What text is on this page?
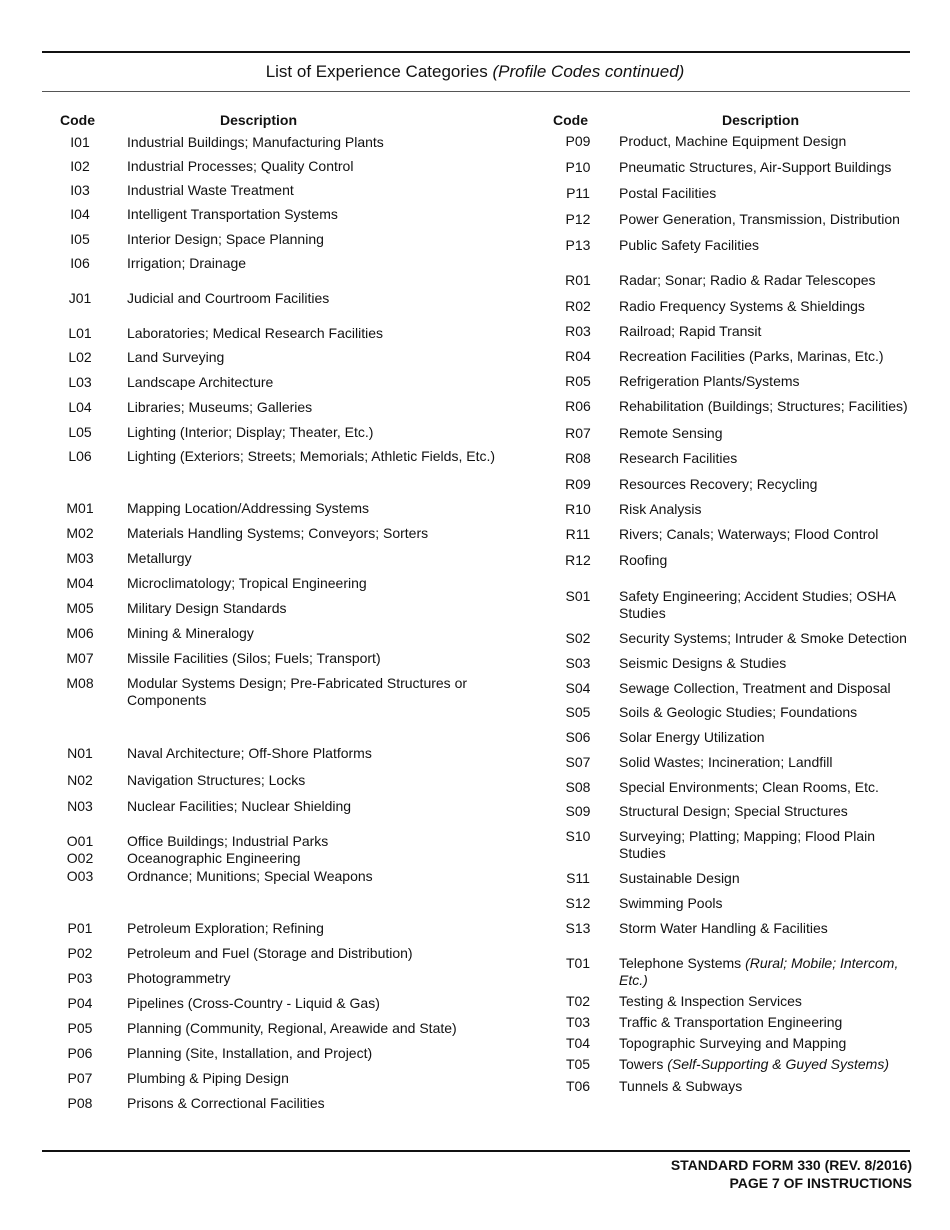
List of Experience Categories (Profile Codes continued)
Code	Description	Code	Description
I01	Industrial Buildings; Manufacturing Plants
I02	Industrial Processes; Quality Control
I03	Industrial Waste Treatment
I04	Intelligent Transportation Systems
I05	Interior Design; Space Planning
I06	Irrigation; Drainage
J01	Judicial and Courtroom Facilities
L01	Laboratories; Medical Research Facilities
L02	Land Surveying
L03	Landscape Architecture
L04	Libraries; Museums; Galleries
L05	Lighting (Interior; Display; Theater, Etc.)
L06	Lighting (Exteriors; Streets; Memorials; Athletic Fields, Etc.)
M01	Mapping Location/Addressing Systems
M02	Materials Handling Systems; Conveyors; Sorters
M03	Metallurgy
M04	Microclimatology; Tropical Engineering
M05	Military Design Standards
M06	Mining & Mineralogy
M07	Missile Facilities (Silos; Fuels; Transport)
M08	Modular Systems Design; Pre-Fabricated Structures or Components
N01	Naval Architecture; Off-Shore Platforms
N02	Navigation Structures; Locks
N03	Nuclear Facilities; Nuclear Shielding
O01	Office Buildings; Industrial Parks
O02	Oceanographic Engineering
O03	Ordnance; Munitions; Special Weapons
P01	Petroleum Exploration; Refining
P02	Petroleum and Fuel (Storage and Distribution)
P03	Photogrammetry
P04	Pipelines (Cross-Country - Liquid & Gas)
P05	Planning (Community, Regional, Areawide and State)
P06	Planning (Site, Installation, and Project)
P07	Plumbing & Piping Design
P08	Prisons & Correctional Facilities
P09	Product, Machine Equipment Design
P10	Pneumatic Structures, Air-Support Buildings
P11	Postal Facilities
P12	Power Generation, Transmission, Distribution
P13	Public Safety Facilities
R01	Radar; Sonar; Radio & Radar Telescopes
R02	Radio Frequency Systems & Shieldings
R03	Railroad; Rapid Transit
R04	Recreation Facilities (Parks, Marinas, Etc.)
R05	Refrigeration Plants/Systems
R06	Rehabilitation (Buildings; Structures; Facilities)
R07	Remote Sensing
R08	Research Facilities
R09	Resources Recovery; Recycling
R10	Risk Analysis
R11	Rivers; Canals; Waterways; Flood Control
R12	Roofing
S01	Safety Engineering; Accident Studies; OSHA Studies
S02	Security Systems; Intruder & Smoke Detection
S03	Seismic Designs & Studies
S04	Sewage Collection, Treatment and Disposal
S05	Soils & Geologic Studies; Foundations
S06	Solar Energy Utilization
S07	Solid Wastes; Incineration; Landfill
S08	Special Environments; Clean Rooms, Etc.
S09	Structural Design; Special Structures
S10	Surveying; Platting; Mapping; Flood Plain Studies
S11	Sustainable Design
S12	Swimming Pools
S13	Storm Water Handling & Facilities
T01	Telephone Systems (Rural; Mobile; Intercom, Etc.)
T02	Testing & Inspection Services
T03	Traffic & Transportation Engineering
T04	Topographic Surveying and Mapping
T05	Towers (Self-Supporting & Guyed Systems)
T06	Tunnels & Subways
STANDARD FORM 330 (REV. 8/2016)
PAGE 7 OF INSTRUCTIONS
